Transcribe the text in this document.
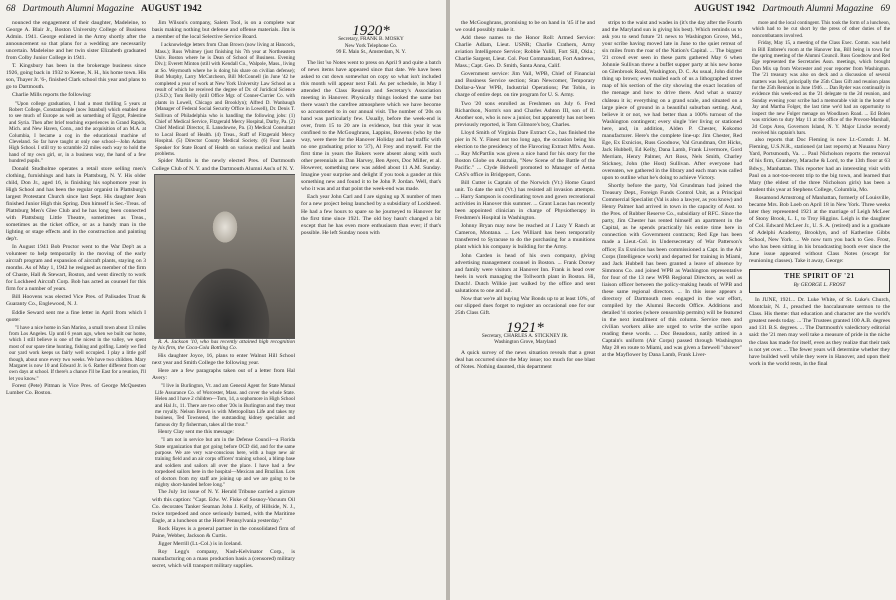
68 Dartmouth Alumni Magazine AUGUST 1942

nounced the engagement of their daughter, Madeleine, to George A. Blair Jr., Boston University College of Business Admin. 1941. George enlisted in the Army shortly after the announcement so that plans for a wedding are necessarily uncertain. Madeleine and her twin sister Elizabeth graduated from Colby Junior College in 1941.

T. Kingsbury has been in the brokerage business since 1926, going back in 1932 to Keene, N. H., his home town. His son, Thayer Jr. '6-, finished Clark school this year and plans to go to Dartmouth.

Charlie Mills reports the following:

"Upon college graduation, I had a most thrilling 5 years at Robert College, Constantinople (now Istanbul) which enabled me to see much of Europe as well as something of Egypt, Palestine and Syria. Then after brief teaching experiences in Grand Rapids, Mich. and New Haven, Conn., and the acquisition of an M.A. at Columbia, I became a cog in the educational machine of Cleveland. So far have taught at only one school—John Adams High School. I still try to scramble 22 miles each way to hold the hand of my own girl, or, in a business way, the hand of a few hundred pupils."

Donald Studholme operates a retail store selling men's clothing, furnishings and hats in Plattsburg, N. Y. His older child, Don Jr., aged 16, is finishing his sophomore year in High School and has been the regular organist in Plattsburg's largest Protestant Church since last Sept. His daughter Jean finished Junior High this Spring. Don himself is Sec.-Treas. of Plattsburg Men's Glee Club and he has long been connected with Plattsburg Little Theatre, sometimes as Treas., sometimes as the ticket office, or as a handy man in the lighting or stage effects and in the construction and painting dep't.

In August 1941 Bob Proctor went to the War Dep't as a volunteer to help temporarily in the moving of the early aircraft program and expansion of aircraft plants, staying on 3 months. As of May 1, 1942 he resigned as member of the firm of Chaste, Hall & Stewart, Boston, and went directly to work for Lockheed Aircraft Corp. Bob has acted as counsel for this firm for a number of years.

Bill Hoovens was elected Vice Pres. of Palisades Trust & Guaranty Co., Englewood, N. J.

Eddie Seward sent me a fine letter in April from which I quote:

"I have a nice home in San Marino, a small town about 13 miles from Los Angeles. Up until 6 years ago, when we built our home, which I still believe is one of the nicest in the valley, we spent most of our spare time hunting, fishing and golfing. Lately we find our yard work keeps us fairly well occupied. I play a little golf though, about once every two weeks. We have two children. Mary Margaret is now 10 and Edward Jr. is 6. Rather different from our own days at school. If there's a chance I'll be East for a reunion, I'll let you know."

Forest (Pete) Pitman is Vice Pres. of George McQuesten Lumber Co. Boston.

Jim Wilson's company, Salem Tool, is on a complete war basis making nothing but defense and offense materials. Jim is a member of the local Selective Service Board.

I acknowledge letters from Chan Brown (now living at Hancock, Mass.); Russ Whitney (just finishing his 7th year at Northeastern Univ. Boston where he is Dean of School of Business. Evening Div.); Everett Minton (still with Kendall Co., Walpole, Mass., living at So. Weymouth where he is doing his share on civilian defense); Bud Murphy, Larry McCutcheon, Bill McConnell (in June '42 he completed a year of work at New York University Law School as a result of which he received the degree of Dr. of Juridical Science (J.S.D.); Tom Reilly (still Office Mgr. of Conner-Currier Co. with plants in Lowell, Chicago and Brooklyn); Alfred D. Wanbaugh (Manager of Federal Social Security Office in Lowell), Dr. Denis T. Sullivan of Philadelphia who is handling the following jobs: (1) Chief of Medical Service, Fitzgerald Mercy Hospital, Darby, Pa. (2) Chief Medical Director, E. Lansdowne, Pa. (3) Medical Consultant to Local Board of Health. (4) Treas., Staff of Fitzgerald Mercy Hospital. (5) Director County Medical Society. (6) Four Lance Speaker for State Board of Health on various medical and health problems.

Spider Martin is the newly elected Pres. of Dartmouth College Club of N. Y. and the Dartmouth Alumni Ass'n of N. Y.

R. A. Jackson '10, who has recently attained high recognition by his firm, the Coca-Cola Bottling Co.

His daughter Joyce, 16, plans to enter Walnut Hill School next year and Smith College the following year.

Here are a few paragraphs taken out of a letter from Hal Avery:

"I live in Burlington, Vt. and am General Agent for State Mutual Life Assurance Co. of Worcester, Mass. and cover the whole State. Helen and I have 2 children—Tom, 14, a sophomore in High School and Hal Jr., 11. There are two other '20s in Burlington and they treat me royally. Nelson Brown is with Metropolitan Life and takes my business, Ted Townsend, the outstanding kidney specialist and famous dry fly fisherman, takes all the trout."

Henry Clay sent me this message:

"I am not in service but am in the Defense Council—a Florida State organization that got going before OCD did, and for the same purpose. We are very war-conscious here, with a huge new air training field and an air corps officers' training school, a blimp base and soldiers and sailors all over the place. I have had a few torpedoed sailors here in the hospital—Mexican and Brazilian. Lots of doctors from my staff are joining up and we are going to be mighty short-handed before long."

The July 1st issue of N. Y. Herald Tribune carried a picture with this caption: "Capt. Edw. W. Fiske of Sosnoy-Vacuum Oil Co. decorates Tanker Seaman John J. Kelly, of Hillside, N. J., twice torpedoed and once seriously burned, with the Maritime Eagle, at a luncheon at the Hotel Pennsylvania yesterday."

Rock Hayes is a general partner in the consolidated firm of Paine, Webber, Jackson & Curtis.

Jigger Merrill (Lt.-Col.) is in Iceland.

Roy Legg's company, Nash-Kelvinator Corp., is manufacturing on a mass production basis a (censored) military secret, which will transport military supplies.

1920*
Secretary, FRANK B. MOSKY
New York Telephone Co.
99 E. Main St., Amsterdam, N. Y.

The list 'so Notes went to press on April 9 and quite a batch of news items have appeared since that date. We have been asked to cut down somewhat on copy so what isn't included this month will appear next Fall. As per schedule, in May I attended the Class Reunion and Secretary's Association meeting in Hanover. Physically things looked the same but there wasn't the carefree atmosphere which we have become so accustomed to in our annual visit. The number of '20s on hand was particularly few. Usually, before the week-end is over, from 15 to 20 are in evidence, but this year it was confined to the McGoughrans, Lappins, Bowens (who by the way, were there for the Hanover Holiday and had traffic with no one graduating prior to '37), Al Frey and myself. For the first time in years the Bakers were absent along with such other perennials as Dan Harvey, Ben Ayers, Doc Miller, et al. However, something new was added about 11 A.M. Sunday. Imagine your surprise and delight if you took a gander at this something new and found it to be John P. Jordan. Well, that's who it was and at that point the week-end was made.

Each year John Carl and I are signing up X number of men for a new project being launched by a subsidiary of Lockheed. He had a few hours to spare so he journeyed to Hanover for the first time since 1921. The old boy hasn't changed a bit except that he has even more enthusiasm than ever; if that's possible. He left Sunday noon with

AUGUST 1942 Dartmouth Alumni Magazine 69

the McGoughrans, promising to be on hand in '45 if he and we could possibly make it.

Add these names to the Honor Roll: Armed Service: Charlie Adlam, Lieut. USNR; Charlie Crathern, Army aviation Intelligence Service; Robbie Yulill, Fort Sill, Okla.; Charlie Sargent, Lieut. Col. Post Commandant, Fort Andrews, Mass.; Capt. Geo. D. Smith, Santa Anna, Calif.

Government service: Jim Vail, WPB, Chief of Financial and Business Service section; Stan Newcomer, Temporary Dollar-a-Year WPB, Industrial Operations; Pat Tobin, in charge of entire dept. on tire program for U. S. Army.

Two '20 sons enrolled as Freshmen on July 6. Fred Richardson, Norm's son and Charles Ashton III, son of II. Another son, who is now a junior, but apparently has not been previously reported, is Tom Gilmore's boy, Charles.

Lloyd Smith of Virginia Dare Extract Co., has finished the pier in N. Y. Finest not too long ago, the occasion being his election to the presidency of the Flavoring Extract Mfrs. Assn. ... Ray McPartlin was given a nice hand for his story for the Boston Globe on Australia, "New Scene of the Battle of the Pacific." ... Clyde Bidwell promoted to Manager of Aetna CAS's office in Bridgeport, Conn.

Bill Cutter is Captain of the Norwich (Vt.) Home Guard unit. To date the unit (Vt.) has resisted all invasion attempts. ... Harry Sampson is coordinating town and gown recreational activities in Hanover this summer. ... Grant Lucas has recently been appointed clinician in charge of Physiotherapy in Freshmen's Hospital in Washington.

Johnny Bryan may now be reached at J Lazy Y Ranch at Cameron, Montana. ... Les Williard has been temporarily transferred to Syracuse to do the purchasing for a munitions plant which his company is building for the Army.

John Carden is head of his own company, giving advertising management counsel in Boston. ... Frank Dorsey and family were visitors at Hanover Inn. Frank is head over heels in work managing the Tollworth plant in Boston. Hi, Dutch!. Dutch Wilkie just walked by the office and sent salutations to one and all.

Now that we're all buying War Bonds up to at least 10%, of our slipped dues forget to register an occasional one for our 25th Class Gift.

1921*
Secretary, CHARLES A. STICKNEY JR.
Washington Grove, Maryland

A quick survey of the news situation reveals that a great deal has occurred since the May issue; too much for one blast of Notes. Nothing daunted, this department

strips to the waist and wades in (it's the day after the Fourth and the Maryland sun is giving his best). Which reminds us to ask you to send future '21 news to Washington Grove, Md., your scribe having moved late in June to the quiet retreat of six miles from the roar of the Nation's Capital. ... The biggest '21 crowd ever seen in these parts gathered May 6 when Johnnie Sullivan threw a buffet supper party at his new home on Glenbrook Road, Washington, D. C. As usual, John did the thing up brown; even mailed each of us a lithographed street map of his section of the city showing the exact location of the menage and how to drive there. And what a snazzy château it is; everything on a grand scale, and situated on a large piece of ground in a beautiful suburban setting. And, believe it or not, we had better than a 100% turnout of the Washington contingent; every single 'rier living or stationed here, and, in addition, Alden P. Chester, Kokomo manufacturer. Here's the complete line-up: Jim Chester, Red Ege, Ex Exnicios, Russ Goodnow, Val Grundman, Ort Hicks, Jack Hubbell, Ed Kelly, Dana Lamb, Frank Livermore, Gord Merriam, Henry Palmer, Art Ross, Nels Smith, Charley Stickney, John (the Host) Sullivan. After everyone had overeaten, we gathered in the library and each man was called upon to outline what he's doing to achieve Victory.

Shortly before the party, Val Grundman had joined the Treasury Dept., Foreign Funds Control Unit, as a Principal Commercial Specialist (Val is also a lawyer, as you know) and Henry Palmer had arrived in town in the capacity of Asst. to the Pres. of Rubber Reserve Co., subsidiary of RFC. Since the party, Jim Chester has rented himself an apartment in the Capital, as he spends practically his entire time here in connection with Government contracts; Red Ege has been made a Lieut.-Col. in Undersecretary of War Patterson's office; Ex Exnicios has been commissioned a Capt. in the Air Corps (Intelligence work) and departed for training in Miami, and Jack Hubbell has been granted a leave of absence by Simmons Co. and joined WPB as Washington representative for four of the 13 new WPB Regional Directors, as well as liaison officer between the policy-making heads of WPB and these same regional directors. ... In this issue appears a directory of Dartmouth men engaged in the war effort, compiled by the Alumni Records Office. Additions and detailed 'ri stories (where censorship permits) will be featured in the next installment of this column. Service men and civilian workers alike are urged to write the scribe upon reading these words. ... Doc Beaudoux, natily attired in a Captain's uniform (Air Corps) passed through Washington May 28 en route to Miami, and was given a farewell "shower" at the Mayflower by Dana Lamb, Frank Liver-

more and the local contingent. This took the form of a luncheon, which had to be cut short by the press of other duties of the noncombatants involved.

Friday, May 15, a meeting of the Class Exec. Comm. was held in Bill Embree's room at the Hanover Inn, Bill being in town for the spring meeting of the Alumni Council. Russ Goodnow and Red Ege represented the Secretaries Assn. meetings, which brought Don Mix up from Worcester and your reporter from Washington. The '21 treasury was also on deck and a discussion of several matters was held, principally the 25th Class Gift and reunion plans for the 25th Reunion in June 1946. ... Dan Ryder was continually in evidence this week-end as the '21 delegate to the 2d reunion, and Sunday evening your scribe had a memorable visit in the home of Jay and Martha Folger, the last time we'd had an opportunity to inspect the new Folger menage on Woodlawn Road. ... Ed Bolen was stricken to duty May 11 at the office of the Provost-Marshall, 2d Corps Area, Governors Island, N. Y. Major Lincke recently received his captain's bars.

also reports that Doc Fleming is now Lt.-Comdr. J. M. Fleming, U.S.N.R., stationed (at last reports) at Nuuanu Navy Yard, Portsmouth, Va. ... Paul Nicholson reports the removal of his firm, Granbery, Marache & Lord, to the 13th floor at 63 Bdwy., Manhattan. This reporter had an interesting visit with Paul on a not-too-recent trip to the big town, and learned that Mary (the eldest of the three Nicholson girls) has been a student this year at Stephens College, Columbia, Mo.

Rosamond Armstrong of Manhattan, formerly of Louisville, became Mrs. Bob Loeb on April 18 in New York. Three weeks later they represented 1921 at the marriage of Leigh McLeer of Stony Brook, L. I., to Troy Higgins. Leigh is the daughter of Col. Edward McLeer Jr., U. S. A. (retired) and is a graduate of Adelphi Academy, Brooklyn, and of Katherine Gibbs School, New York. ... We now turn you back to Geo. Frost, who has been sitting in his broadcasting booth ever since the June issue appeared without Class Notes (except for reunioning classes). Take it away, George:

THE SPIRIT OF '21
By GEORGE L. FROST

In JUNE, 1921... Dr. Luke White, of St. Luke's Church, Montclair, N. J., preached the baccalaureate sermon to the Class. His theme: that education and character are the world's greatest needs today. ... The Trustees granted 100 A.B. degrees and 131 B.S. degrees. ... The Dartmouth's valedictory editorial said: the '21 men may well take a measure of pride in the niche the class has made for itself, even as they realize that their task is not yet over. ... The fewer years will determine whether they have builded well while they were in Hanover, and upon their work in the world rests, in the final
